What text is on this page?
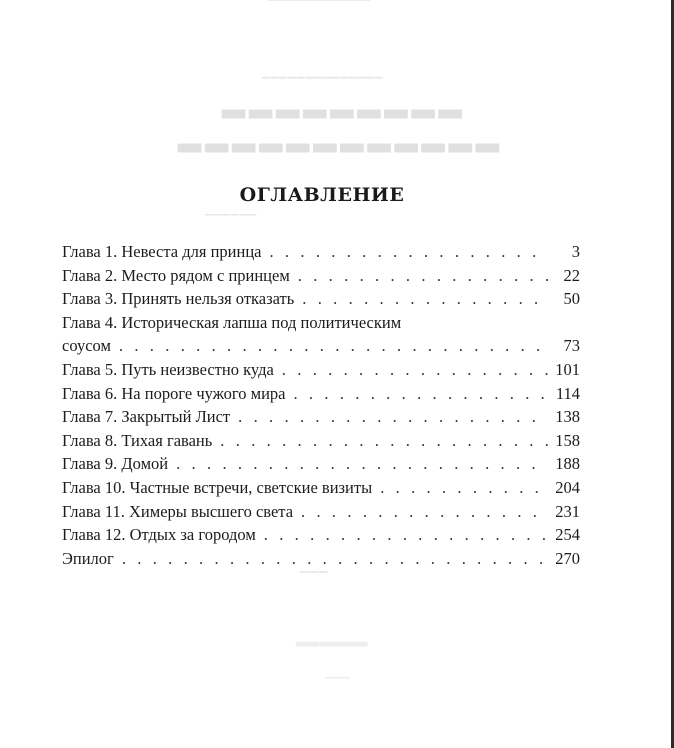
▔▔▔▔▔▔▔▔▔▔▔▔▔
▁▁▁▁▁▁▁▁▁▁▁▁▁▁
▂▂▂▂▂▂▂▂▂
▂▂▂▂▂▂▂▂▂▂▂▂
▁▁▁▁▁▁
▁▁▁
▁▁▁
▁▁▁
ОГЛАВЛЕНИЕ
Глава 1. Невеста для принца . . .	3
Глава 2. Место рядом с принцем . . .	22
Глава 3. Принять нельзя отказать . . .	50
Глава 4. Историческая лапша под политическим
соусом . . .	73
Глава 5. Путь неизвестно куда . . .	101
Глава 6. На пороге чужого мира . . .	114
Глава 7. Закрытый Лист . . .	138
Глава 8. Тихая гавань . . .	158
Глава 9. Домой . . .	188
Глава 10. Частные встречи, светские визиты . . .	204
Глава 11. Химеры высшего света . . .	231
Глава 12. Отдых за городом . . .	254
Эпилог . . .	270
